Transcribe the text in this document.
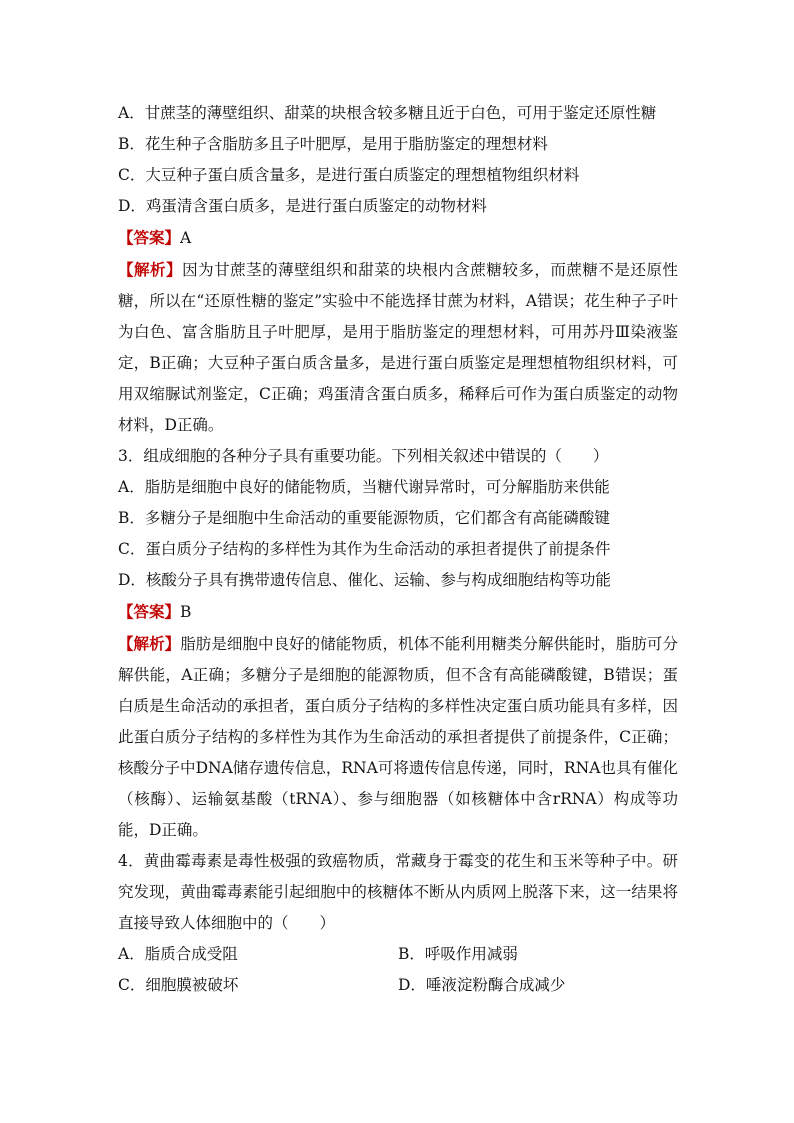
A．甘蔗茎的薄壁组织、甜菜的块根含较多糖且近于白色，可用于鉴定还原性糖
B．花生种子含脂肪多且子叶肥厚，是用于脂肪鉴定的理想材料
C．大豆种子蛋白质含量多，是进行蛋白质鉴定的理想植物组织材料
D．鸡蛋清含蛋白质多，是进行蛋白质鉴定的动物材料
【答案】A
【解析】因为甘蔗茎的薄壁组织和甜菜的块根内含蔗糖较多，而蔗糖不是还原性糖，所以在“还原性糖的鉴定”实验中不能选择甘蔗为材料，A错误；花生种子子叶为白色、富含脂肪且子叶肥厚，是用于脂肪鉴定的理想材料，可用苏丹Ⅲ染液鉴定，B正确；大豆种子蛋白质含量多，是进行蛋白质鉴定是理想植物组织材料，可用双缩脲试剂鉴定，C正确；鸡蛋清含蛋白质多，稀释后可作为蛋白质鉴定的动物材料，D正确。
3．组成细胞的各种分子具有重要功能。下列相关叙述中错误的（　　）
A．脂肪是细胞中良好的储能物质，当糖代谢异常时，可分解脂肪来供能
B．多糖分子是细胞中生命活动的重要能源物质，它们都含有高能磷酸键
C．蛋白质分子结构的多样性为其作为生命活动的承担者提供了前提条件
D．核酸分子具有携带遗传信息、催化、运输、参与构成细胞结构等功能
【答案】B
【解析】脂肪是细胞中良好的储能物质，机体不能利用糖类分解供能时，脂肪可分解供能，A正确；多糖分子是细胞的能源物质，但不含有高能磷酸键，B错误；蛋白质是生命活动的承担者，蛋白质分子结构的多样性决定蛋白质功能具有多样，因此蛋白质分子结构的多样性为其作为生命活动的承担者提供了前提条件，C正确；核酸分子中DNA储存遗传信息，RNA可将遗传信息传递，同时，RNA也具有催化（核酶）、运输氨基酸（tRNA）、参与细胞器（如核糖体中含rRNA）构成等功能，D正确。
4．黄曲霉毒素是毒性极强的致癌物质，常藏身于霉变的花生和玉米等种子中。研究发现，黄曲霉毒素能引起细胞中的核糖体不断从内质网上脱落下来，这一结果将直接导致人体细胞中的（　　）
A．脂质合成受阻	B．呼吸作用减弱
C．细胞膜被破坏	D．唾液淀粉酶合成减少
